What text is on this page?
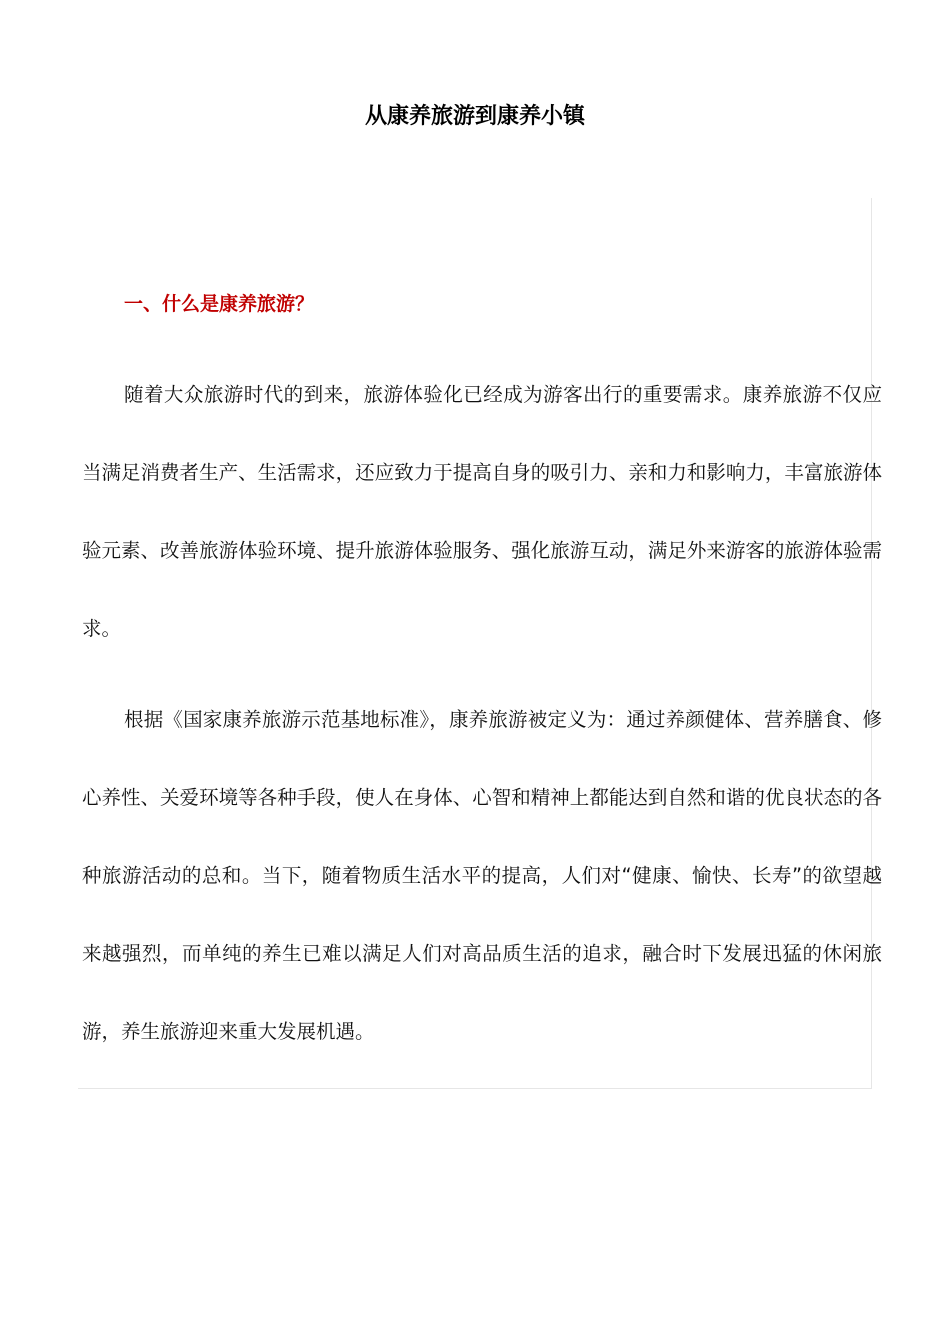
从康养旅游到康养小镇
一、什么是康养旅游？

随着大众旅游时代的到来，旅游体验化已经成为游客出行的重要需求。康养旅游不仅应当满足消费者生产、生活需求，还应致力于提高自身的吸引力、亲和力和影响力，丰富旅游体验元素、改善旅游体验环境、提升旅游体验服务、强化旅游互动，满足外来游客的旅游体验需求。

根据《国家康养旅游示范基地标准》，康养旅游被定义为：通过养颜健体、营养膳食、修心养性、关爱环境等各种手段，使人在身体、心智和精神上都能达到自然和谐的优良状态的各种旅游活动的总和。当下，随着物质生活水平的提高，人们对“健康、愉快、长寿”的欲望越来越强烈，而单纯的养生已难以满足人们对高品质生活的追求，融合时下发展迅猛的休闲旅游，养生旅游迎来重大发展机遇。
